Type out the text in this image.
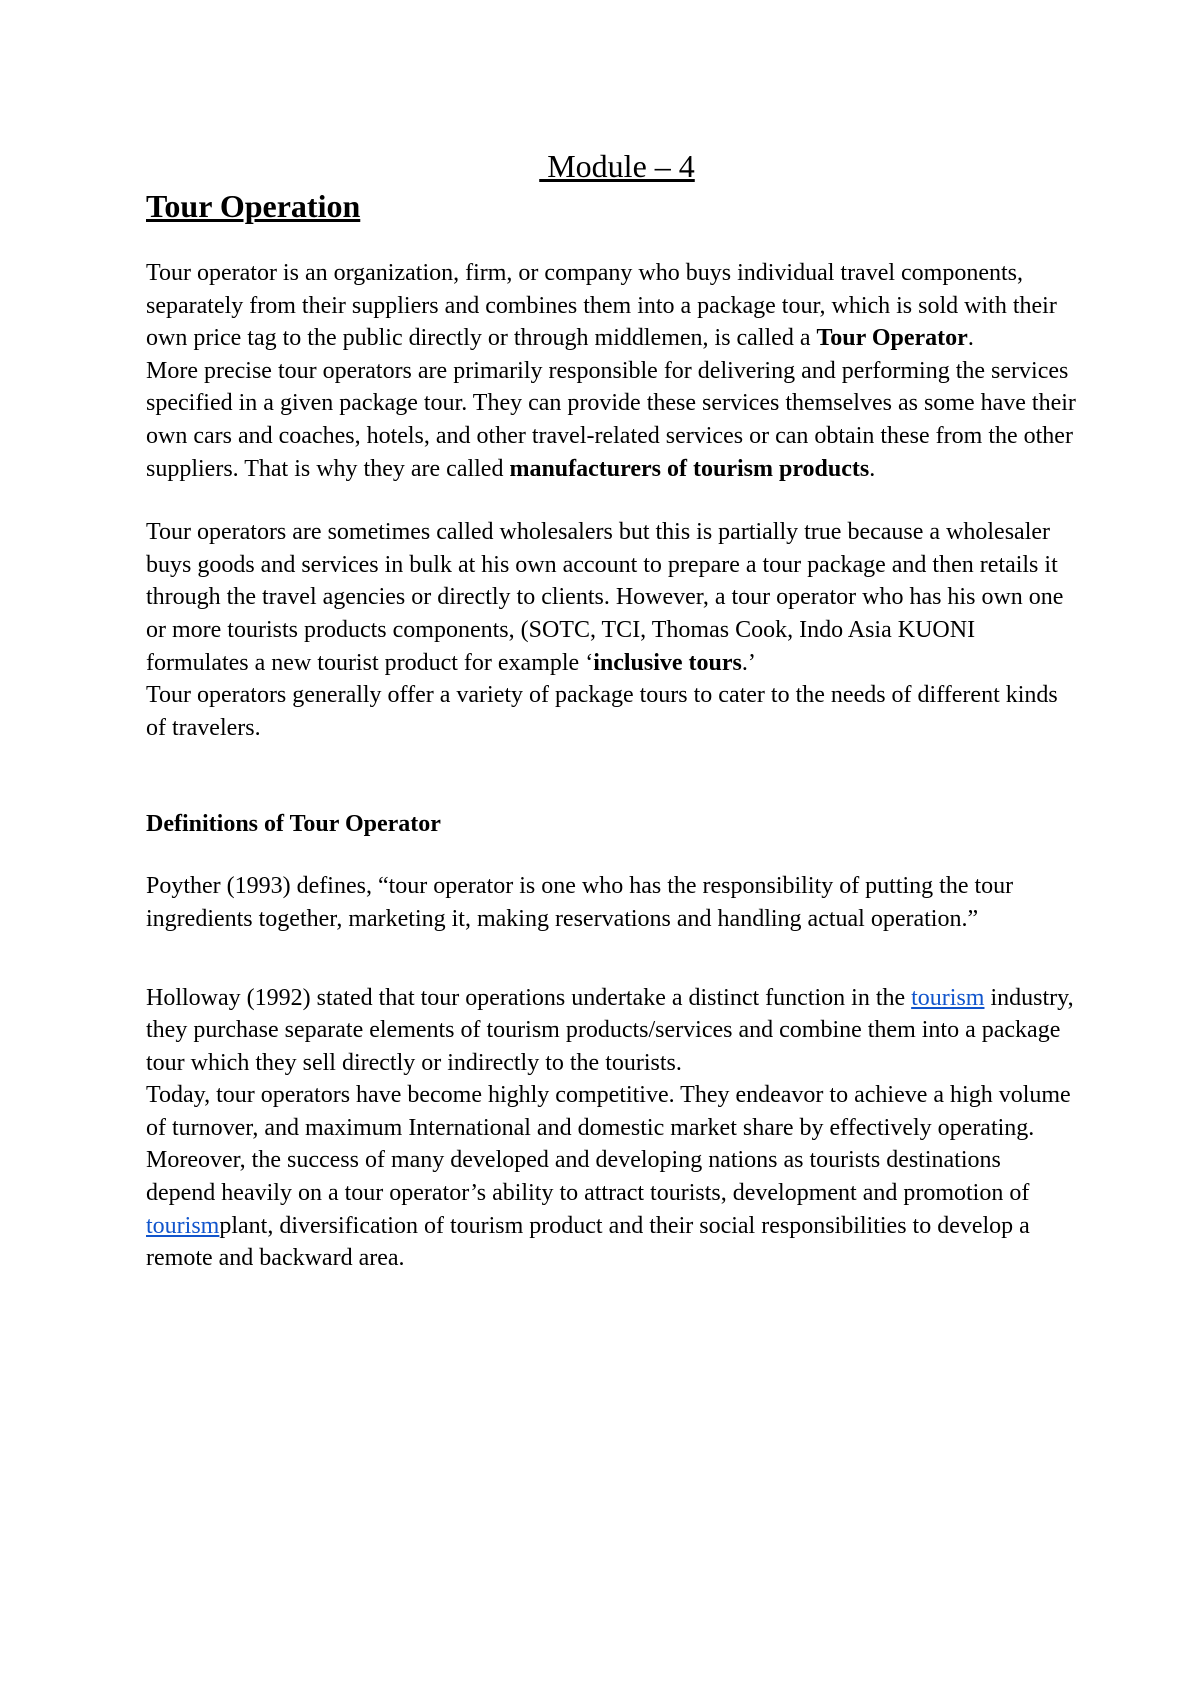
Module – 4
Tour Operation

Tour operator is an organization, firm, or company who buys individual travel components, separately from their suppliers and combines them into a package tour, which is sold with their own price tag to the public directly or through middlemen, is called a Tour Operator.

More precise tour operators are primarily responsible for delivering and performing the services specified in a given package tour. They can provide these services themselves as some have their own cars and coaches, hotels, and other travel-related services or can obtain these from the other suppliers. That is why they are called manufacturers of tourism products.

Tour operators are sometimes called wholesalers but this is partially true because a wholesaler buys goods and services in bulk at his own account to prepare a tour package and then retails it through the travel agencies or directly to clients. However, a tour operator who has his own one or more tourists products components, (SOTC, TCI, Thomas Cook, Indo Asia KUONI formulates a new tourist product for example ‘inclusive tours.’

Tour operators generally offer a variety of package tours to cater to the needs of different kinds of travelers.

Definitions of Tour Operator

Poyther (1993) defines, “tour operator is one who has the responsibility of putting the tour ingredients together, marketing it, making reservations and handling actual operation.”

Holloway (1992) stated that tour operations undertake a distinct function in the tourism industry, they purchase separate elements of tourism products/services and combine them into a package tour which they sell directly or indirectly to the tourists.

Today, tour operators have become highly competitive. They endeavor to achieve a high volume of turnover, and maximum International and domestic market share by effectively operating. Moreover, the success of many developed and developing nations as tourists destinations depend heavily on a tour operator’s ability to attract tourists, development and promotion of tourismplant, diversification of tourism product and their social responsibilities to develop a remote and backward area.
